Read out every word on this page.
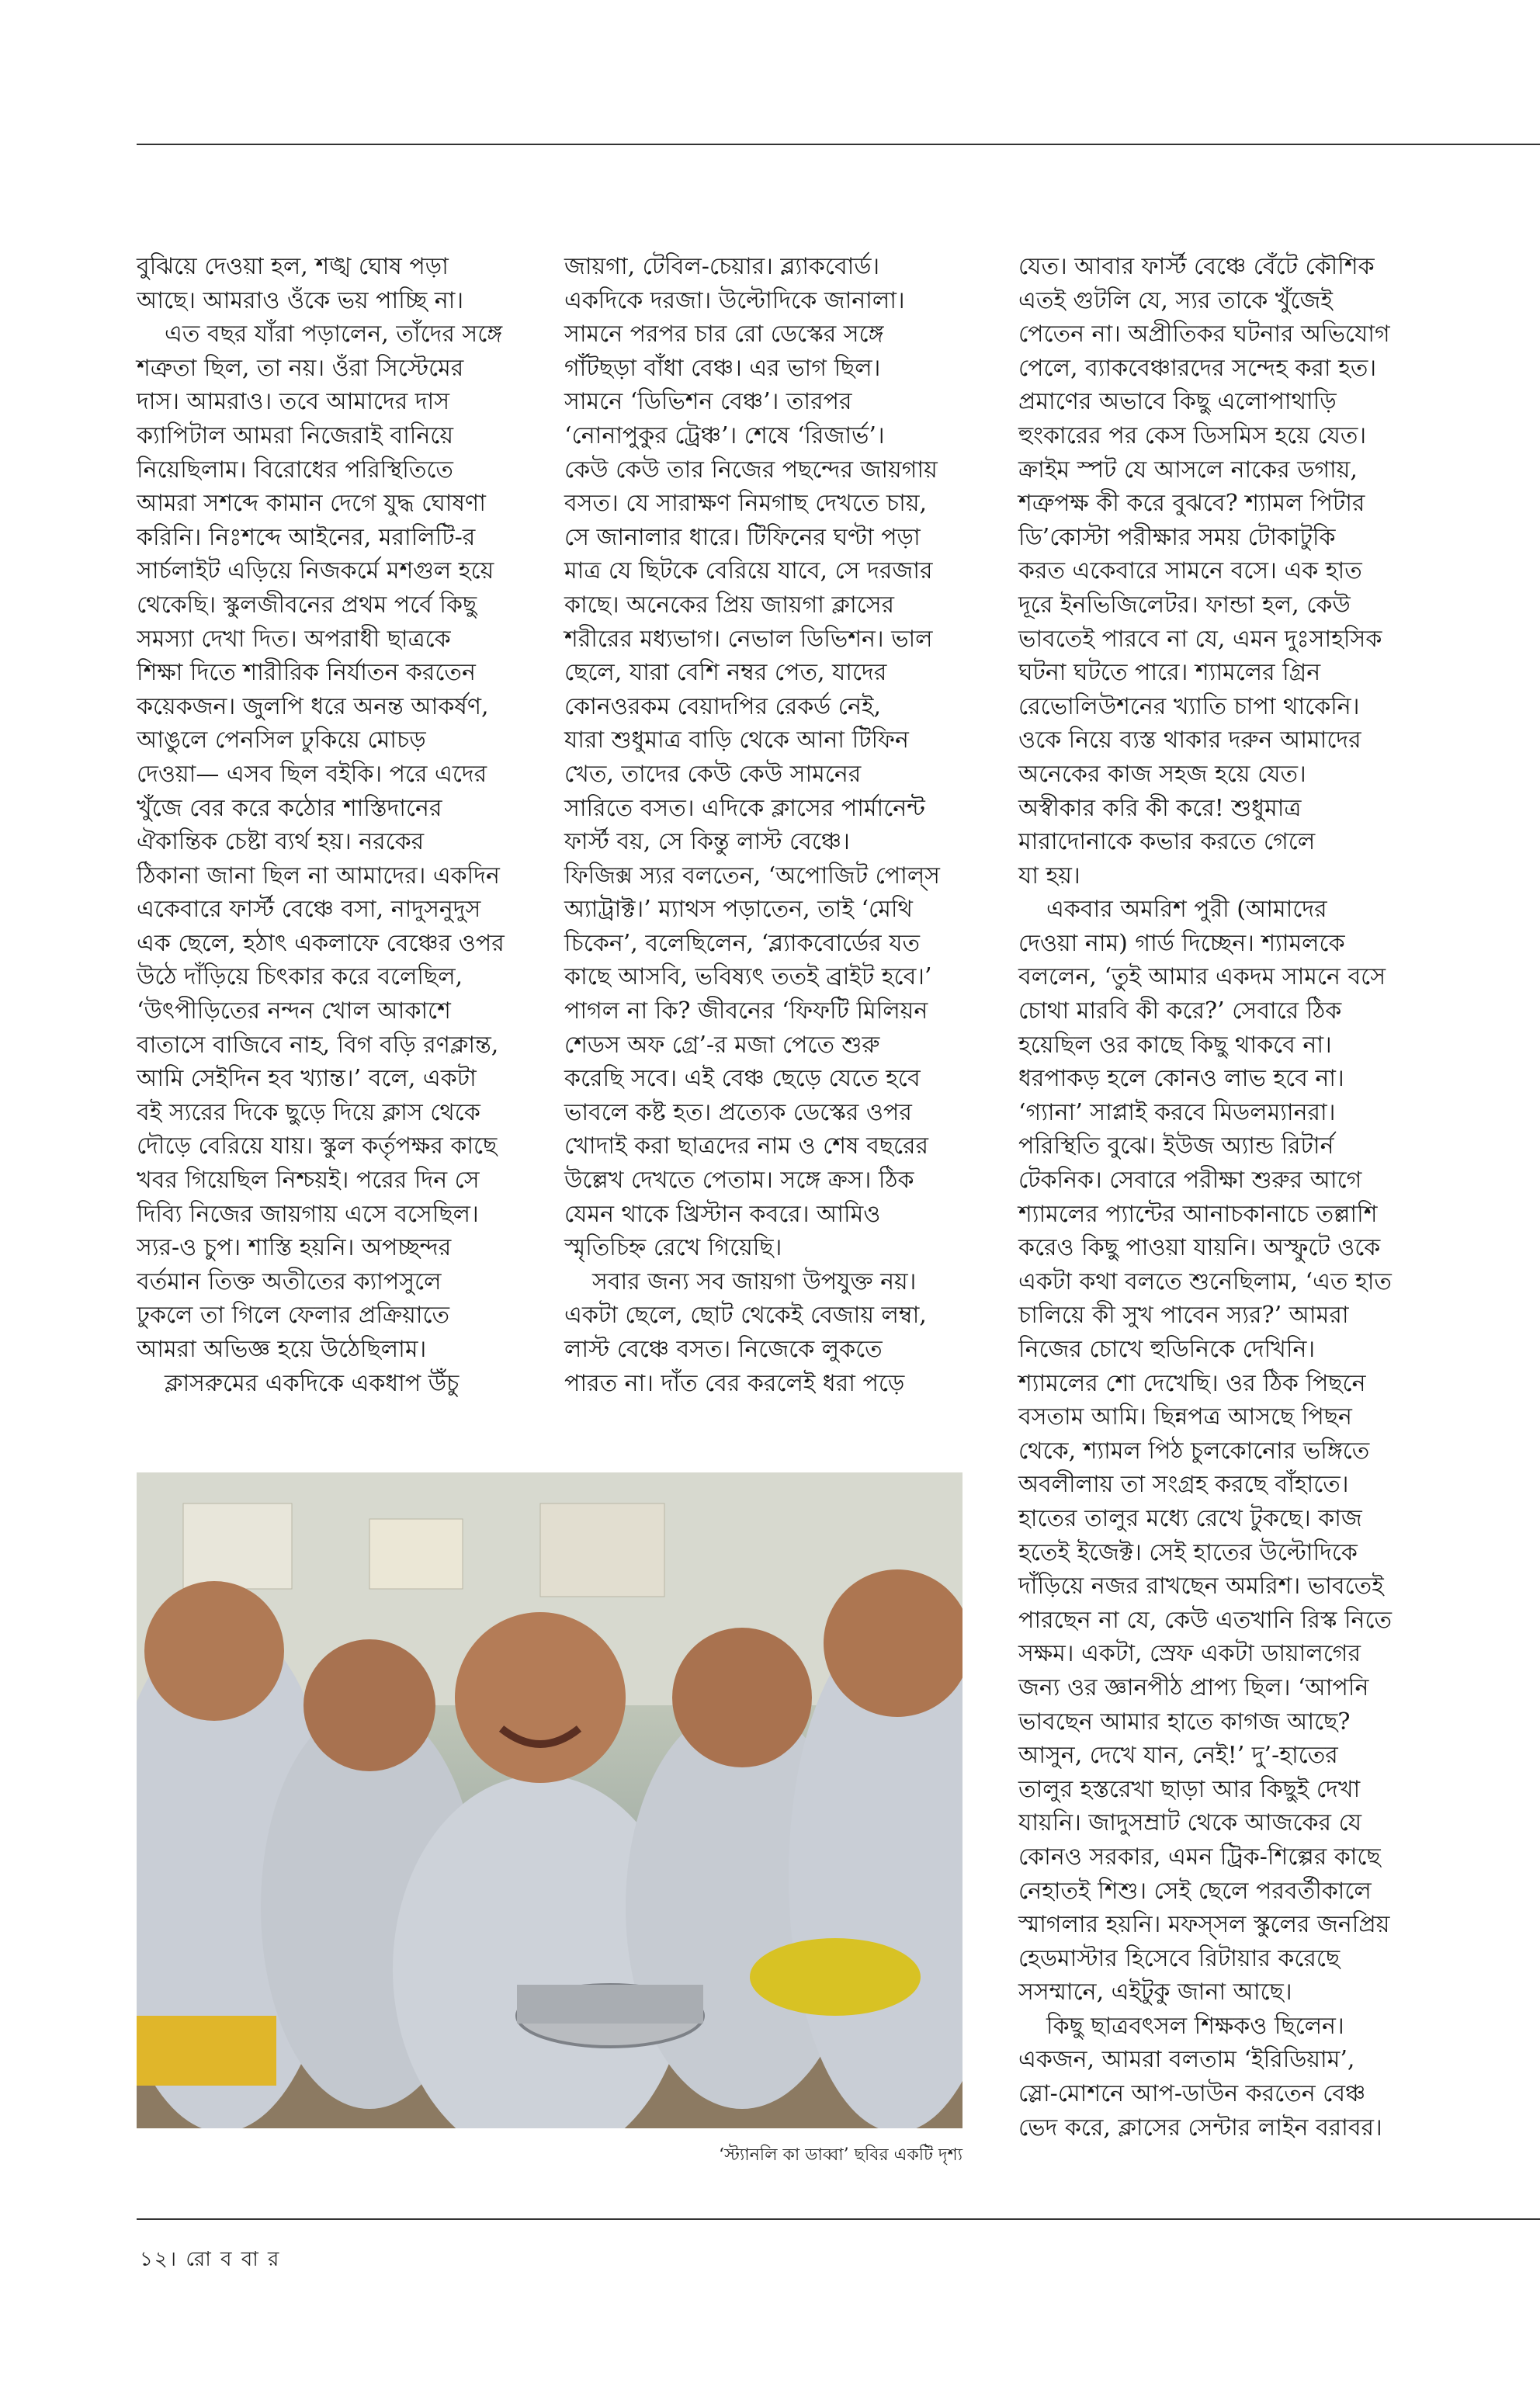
বুঝিয়ে দেওয়া হল, শঙ্খ ঘোষ পড়া
আছে। আমরাও ওঁকে ভয় পাচ্ছি না।
এত বছর যাঁরা পড়ালেন, তাঁদের সঙ্গে
শত্রুতা ছিল, তা নয়। ওঁরা সিস্টেমের
দাস। আমরাও। তবে আমাদের দাস
ক্যাপিটাল আমরা নিজেরাই বানিয়ে
নিয়েছিলাম। বিরোধের পরিস্থিতিতে
আমরা সশব্দে কামান দেগে যুদ্ধ ঘোষণা
করিনি। নিঃশব্দে আইনের, মরালিটি-র
সার্চলাইট এড়িয়ে নিজকর্মে মশগুল হয়ে
থেকেছি। স্কুলজীবনের প্রথম পর্বে কিছু
সমস্যা দেখা দিত। অপরাধী ছাত্রকে
শিক্ষা দিতে শারীরিক নির্যাতন করতেন
কয়েকজন। জুলপি ধরে অনন্ত আকর্ষণ,
আঙুলে পেনসিল ঢুকিয়ে মোচড়
দেওয়া— এসব ছিল বইকি। পরে এদের
খুঁজে বের করে কঠোর শাস্তিদানের
ঐকান্তিক চেষ্টা ব্যর্থ হয়। নরকের
ঠিকানা জানা ছিল না আমাদের। একদিন
একেবারে ফার্স্ট বেঞ্চে বসা, নাদুসনুদুস
এক ছেলে, হঠাৎ একলাফে বেঞ্চের ওপর
উঠে দাঁড়িয়ে চিৎকার করে বলেছিল,
‘উৎপীড়িতের নন্দন খোল আকাশে
বাতাসে বাজিবে নাহ, বিগ বড়ি রণক্লান্ত,
আমি সেইদিন হব খ্যান্ত।’ বলে, একটা
বই স্যরের দিকে ছুড়ে দিয়ে ক্লাস থেকে
দৌড়ে বেরিয়ে যায়। স্কুল কর্তৃপক্ষর কাছে
খবর গিয়েছিল নিশ্চয়ই। পরের দিন সে
দিব্যি নিজের জায়গায় এসে বসেছিল।
স্যর-ও চুপ। শাস্তি হয়নি। অপচ্ছন্দর
বর্তমান তিক্ত অতীতের ক্যাপসুলে
ঢুকলে তা গিলে ফেলার প্রক্রিয়াতে
আমরা অভিজ্ঞ হয়ে উঠেছিলাম।
ক্লাসরুমের একদিকে একধাপ উঁচু
জায়গা, টেবিল-চেয়ার। ব্ল্যাকবোর্ড।
একদিকে দরজা। উল্টোদিকে জানালা।
সামনে পরপর চার রো ডেস্কের সঙ্গে
গাঁটছড়া বাঁধা বেঞ্চ। এর ভাগ ছিল।
সামনে ‘ডিভিশন বেঞ্চ’। তারপর
‘নোনাপুকুর ট্রেঞ্চ’। শেষে ‘রিজার্ভ’।
কেউ কেউ তার নিজের পছন্দের জায়গায়
বসত। যে সারাক্ষণ নিমগাছ দেখতে চায়,
সে জানালার ধারে। টিফিনের ঘণ্টা পড়া
মাত্র যে ছিটকে বেরিয়ে যাবে, সে দরজার
কাছে। অনেকের প্রিয় জায়গা ক্লাসের
শরীরের মধ্যভাগ। নেভাল ডিভিশন। ভাল
ছেলে, যারা বেশি নম্বর পেত, যাদের
কোনওরকম বেয়াদপির রেকর্ড নেই,
যারা শুধুমাত্র বাড়ি থেকে আনা টিফিন
খেত, তাদের কেউ কেউ সামনের
সারিতে বসত। এদিকে ক্লাসের পার্মানেন্ট
ফার্স্ট বয়, সে কিন্তু লাস্ট বেঞ্চে।
ফিজিক্স স্যর বলতেন, ‘অপোজিট পোল্‌স
অ্যাট্রাক্ট।’ ম্যাথস পড়াতেন, তাই ‘মেথি
চিকেন’, বলেছিলেন, ‘ব্ল্যাকবোর্ডের যত
কাছে আসবি, ভবিষ্যৎ ততই ব্রাইট হবে।’
পাগল না কি? জীবনের ‘ফিফটি মিলিয়ন
শেডস অফ গ্রে’-র মজা পেতে শুরু
করেছি সবে। এই বেঞ্চ ছেড়ে যেতে হবে
ভাবলে কষ্ট হত। প্রত্যেক ডেস্কের ওপর
খোদাই করা ছাত্রদের নাম ও শেষ বছরের
উল্লেখ দেখতে পেতাম। সঙ্গে ক্রস। ঠিক
যেমন থাকে খ্রিস্টান কবরে। আমিও
স্মৃতিচিহ্ন রেখে গিয়েছি।
সবার জন্য সব জায়গা উপযুক্ত নয়।
একটা ছেলে, ছোট থেকেই বেজায় লম্বা,
লাস্ট বেঞ্চে বসত। নিজেকে লুকতে
পারত না। দাঁত বের করলেই ধরা পড়ে
যেত। আবার ফার্স্ট বেঞ্চে বেঁটে কৌশিক
এতই গুটলি যে, স্যর তাকে খুঁজেই
পেতেন না। অপ্রীতিকর ঘটনার অভিযোগ
পেলে, ব্যাকবেঞ্চারদের সন্দেহ করা হত।
প্রমাণের অভাবে কিছু এলোপাথাড়ি
হুংকারের পর কেস ডিসমিস হয়ে যেত।
ক্রাইম স্পট যে আসলে নাকের ডগায়,
শত্রুপক্ষ কী করে বুঝবে? শ্যামল পিটার
ডি’কোস্টা পরীক্ষার সময় টোকাটুকি
করত একেবারে সামনে বসে। এক হাত
দূরে ইনভিজিলেটর। ফান্ডা হল, কেউ
ভাবতেই পারবে না যে, এমন দুঃসাহসিক
ঘটনা ঘটতে পারে। শ্যামলের গ্রিন
রেভোলিউশনের খ্যাতি চাপা থাকেনি।
ওকে নিয়ে ব্যস্ত থাকার দরুন আমাদের
অনেকের কাজ সহজ হয়ে যেত।
অস্বীকার করি কী করে! শুধুমাত্র
মারাদোনাকে কভার করতে গেলে
যা হয়।
একবার অমরিশ পুরী (আমাদের
দেওয়া নাম) গার্ড দিচ্ছেন। শ্যামলকে
বললেন, ‘তুই আমার একদম সামনে বসে
চোথা মারবি কী করে?’ সেবারে ঠিক
হয়েছিল ওর কাছে কিছু থাকবে না।
ধরপাকড় হলে কোনও লাভ হবে না।
‘গ্যানা’ সাপ্লাই করবে মিডলম্যানরা।
পরিস্থিতি বুঝে। ইউজ অ্যান্ড রিটার্ন
টেকনিক। সেবারে পরীক্ষা শুরুর আগে
শ্যামলের প্যান্টের আনাচকানাচে তল্লাশি
করেও কিছু পাওয়া যায়নি। অস্ফুটে ওকে
একটা কথা বলতে শুনেছিলাম, ‘এত হাত
চালিয়ে কী সুখ পাবেন স্যর?’ আমরা
নিজের চোখে হুডিনিকে দেখিনি।
শ্যামলের শো দেখেছি। ওর ঠিক পিছনে
বসতাম আমি। ছিন্নপত্র আসছে পিছন
থেকে, শ্যামল পিঠ চুলকোনোর ভঙ্গিতে
অবলীলায় তা সংগ্রহ করছে বাঁহাতে।
হাতের তালুর মধ্যে রেখে টুকছে। কাজ
হতেই ইজেক্ট। সেই হাতের উল্টোদিকে
দাঁড়িয়ে নজর রাখছেন অমরিশ। ভাবতেই
পারছেন না যে, কেউ এতখানি রিস্ক নিতে
সক্ষম। একটা, স্রেফ একটা ডায়ালগের
জন্য ওর জ্ঞানপীঠ প্রাপ্য ছিল। ‘আপনি
ভাবছেন আমার হাতে কাগজ আছে?
আসুন, দেখে যান, নেই!’ দু’-হাতের
তালুর হস্তরেখা ছাড়া আর কিছুই দেখা
যায়নি। জাদুসম্রাট থেকে আজকের যে
কোনও সরকার, এমন ট্রিক-শিল্পের কাছে
নেহাতই শিশু। সেই ছেলে পরবর্তীকালে
স্মাগলার হয়নি। মফস্‌সল স্কুলের জনপ্রিয়
হেডমাস্টার হিসেবে রিটায়ার করেছে
সসম্মানে, এইটুকু জানা আছে।
কিছু ছাত্রবৎসল শিক্ষকও ছিলেন।
একজন, আমরা বলতাম ‘ইরিডিয়াম’,
স্লো-মোশনে আপ-ডাউন করতেন বেঞ্চ
ভেদ করে, ক্লাসের সেন্টার লাইন বরাবর।
‘স্ট্যানলি কা ডাব্বা’ ছবির একটি দৃশ্য
১২। রো ব বা র
